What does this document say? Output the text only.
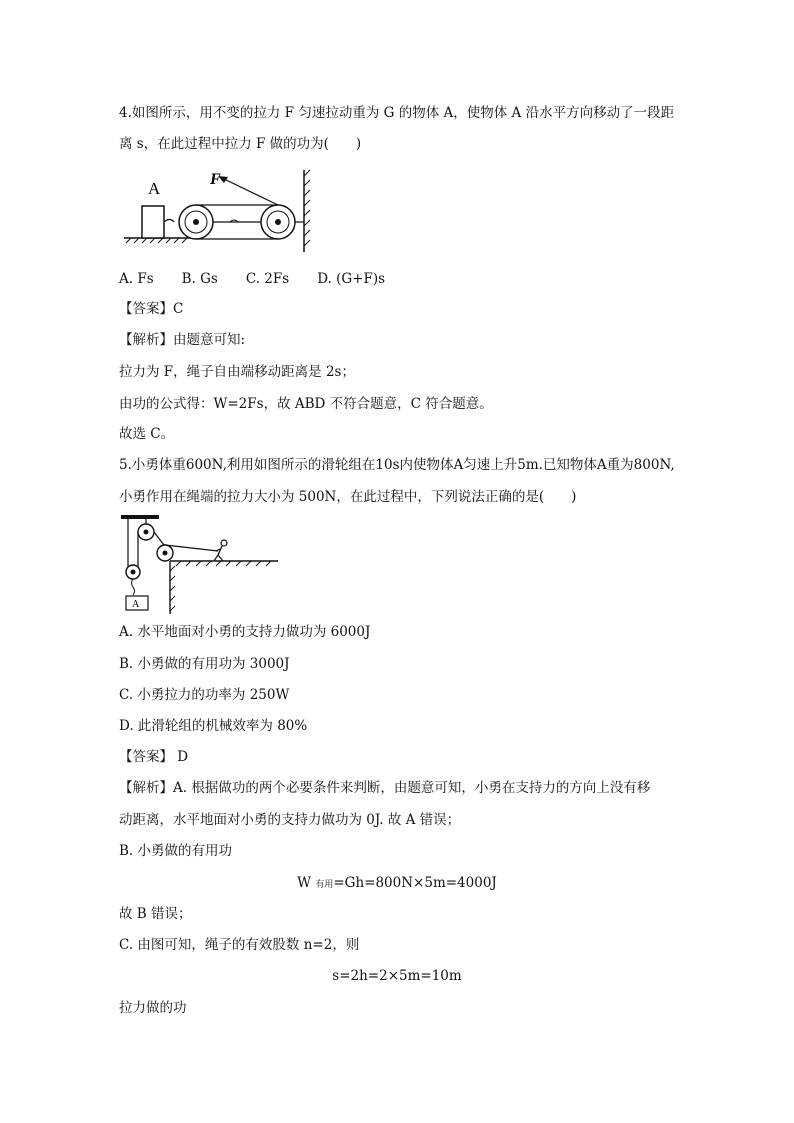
4.如图所示，用不变的拉力 F 匀速拉动重为 G 的物体 A，使物体 A 沿水平方向移动了一段距
离 s，在此过程中拉力 F 做的功为(　　)
A	F
A. Fs B. Gs C. 2Fs D. (G+F)s
【答案】C
【解析】由题意可知:
拉力为 F，绳子自由端移动距离是 2s；
由功的公式得：W=2Fs，故 ABD 不符合题意，C 符合题意。
故选 C。
5.小勇体重600N,利用如图所示的滑轮组在10s内使物体A匀速上升5m.已知物体A重为800N,
小勇作用在绳端的拉力大小为 500N，在此过程中，下列说法正确的是(　　)
A
A. 水平地面对小勇的支持力做功为 6000J
B. 小勇做的有用功为 3000J
C. 小勇拉力的功率为 250W
D. 此滑轮组的机械效率为 80%
【答案】 D
【解析】A. 根据做功的两个必要条件来判断，由题意可知，小勇在支持力的方向上没有移
动距离，水平地面对小勇的支持力做功为 0J. 故 A 错误；
B. 小勇做的有用功
W 有用=Gh=800N×5m=4000J
故 B 错误；
C. 由图可知，绳子的有效股数 n=2，则
s=2h=2×5m=10m
拉力做的功
